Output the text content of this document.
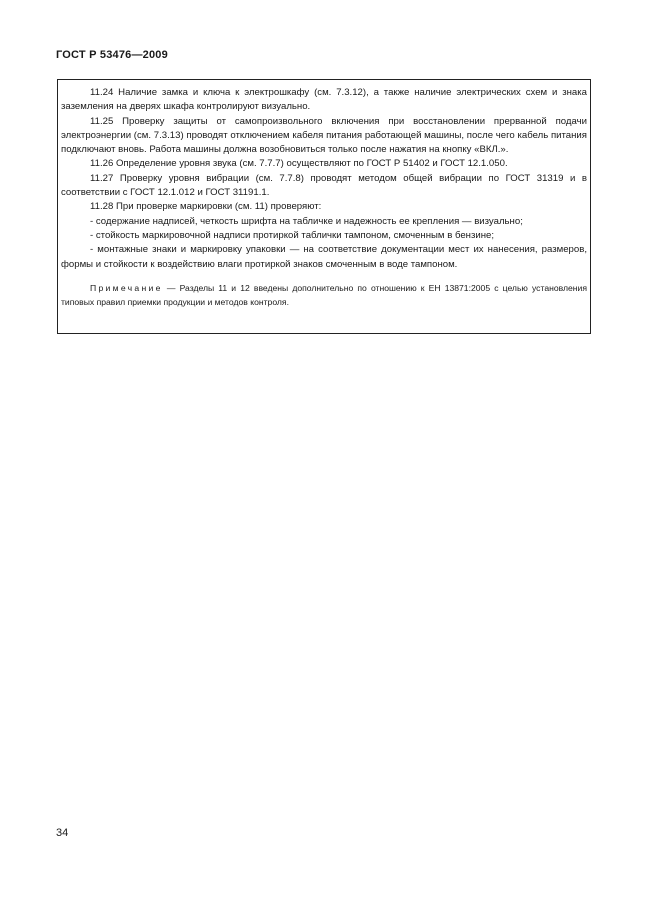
ГОСТ Р 53476—2009

11.24 Наличие замка и ключа к электрошкафу (см. 7.3.12), а также наличие электрических схем и знака заземления на дверях шкафа контролируют визуально.

11.25 Проверку защиты от самопроизвольного включения при восстановлении прерванной подачи электроэнергии (см. 7.3.13) проводят отключением кабеля питания работающей машины, после чего кабель питания подключают вновь. Работа машины должна возобновиться только после нажатия на кнопку «ВКЛ.».

11.26 Определение уровня звука (см. 7.7.7) осуществляют по ГОСТ Р 51402 и ГОСТ 12.1.050.

11.27 Проверку уровня вибрации (см. 7.7.8) проводят методом общей вибрации по ГОСТ 31319 и в соответствии с ГОСТ 12.1.012 и ГОСТ 31191.1.

11.28 При проверке маркировки (см. 11) проверяют:

- содержание надписей, четкость шрифта на табличке и надежность ее крепления — визуально;

- стойкость маркировочной надписи протиркой таблички тампоном, смоченным в бензине;

- монтажные знаки и маркировку упаковки — на соответствие документации мест их нанесения, размеров, формы и стойкости к воздействию влаги протиркой знаков смоченным в воде тампоном.

Примечание — Разделы 11 и 12 введены дополнительно по отношению к ЕН 13871:2005 с целью установления типовых правил приемки продукции и методов контроля.

34
